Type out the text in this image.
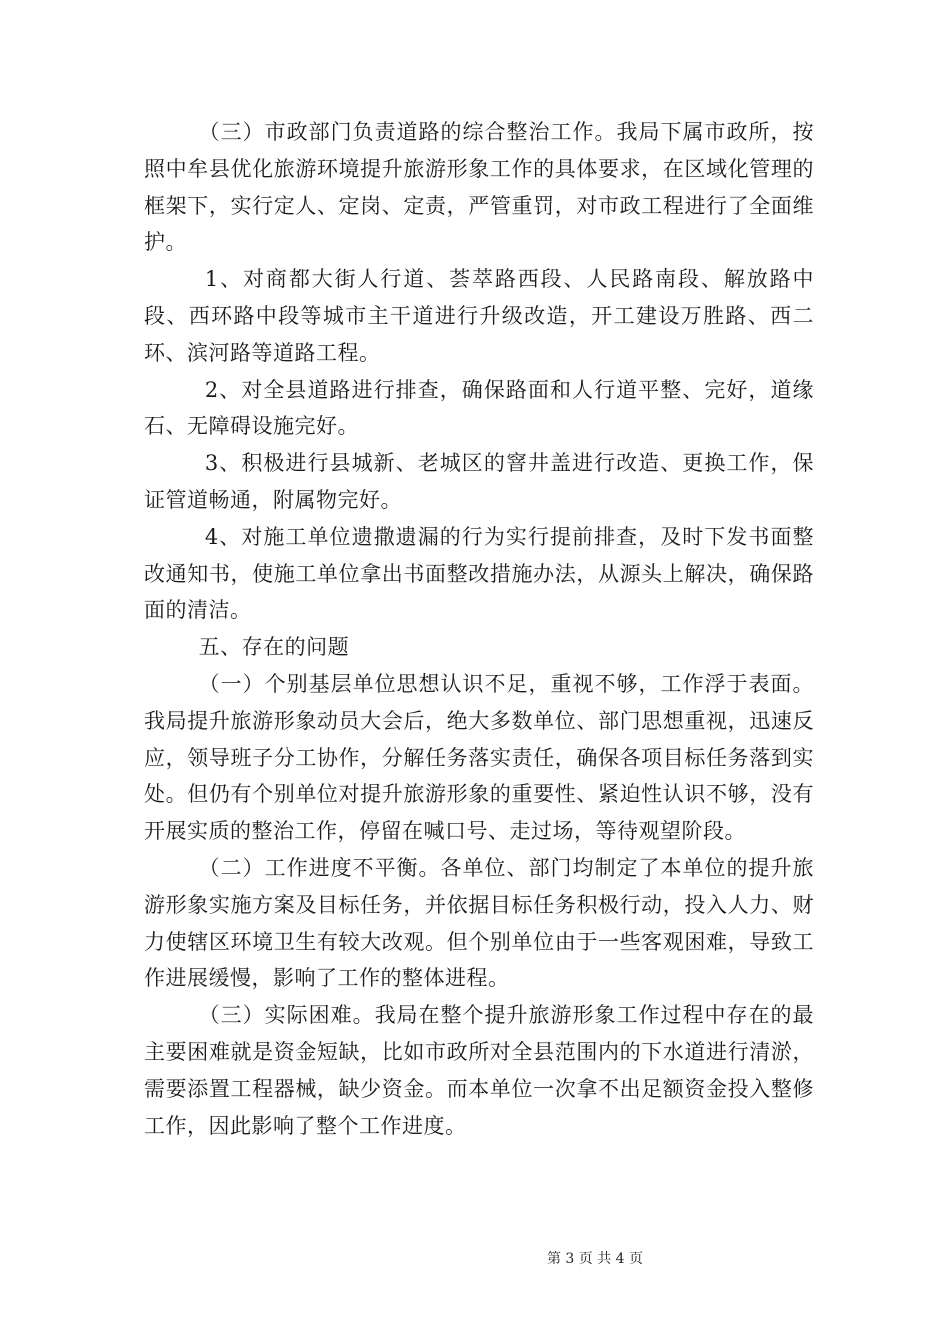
（三）市政部门负责道路的综合整治工作。我局下属市政所，按照中牟县优化旅游环境提升旅游形象工作的具体要求，在区域化管理的框架下，实行定人、定岗、定责，严管重罚，对市政工程进行了全面维护。

1、对商都大街人行道、荟萃路西段、人民路南段、解放路中段、西环路中段等城市主干道进行升级改造，开工建设万胜路、西二环、滨河路等道路工程。

2、对全县道路进行排查，确保路面和人行道平整、完好，道缘石、无障碍设施完好。

3、积极进行县城新、老城区的窨井盖进行改造、更换工作，保证管道畅通，附属物完好。

4、对施工单位遗撒遗漏的行为实行提前排查，及时下发书面整改通知书，使施工单位拿出书面整改措施办法，从源头上解决，确保路面的清洁。

五、存在的问题

（一）个别基层单位思想认识不足，重视不够，工作浮于表面。我局提升旅游形象动员大会后，绝大多数单位、部门思想重视，迅速反应，领导班子分工协作，分解任务落实责任，确保各项目标任务落到实处。但仍有个别单位对提升旅游形象的重要性、紧迫性认识不够，没有开展实质的整治工作，停留在喊口号、走过场，等待观望阶段。

（二）工作进度不平衡。各单位、部门均制定了本单位的提升旅游形象实施方案及目标任务，并依据目标任务积极行动，投入人力、财力使辖区环境卫生有较大改观。但个别单位由于一些客观困难，导致工作进展缓慢，影响了工作的整体进程。

（三）实际困难。我局在整个提升旅游形象工作过程中存在的最主要困难就是资金短缺，比如市政所对全县范围内的下水道进行清淤，需要添置工程器械，缺少资金。而本单位一次拿不出足额资金投入整修工作，因此影响了整个工作进度。

第 3 页 共 4 页
